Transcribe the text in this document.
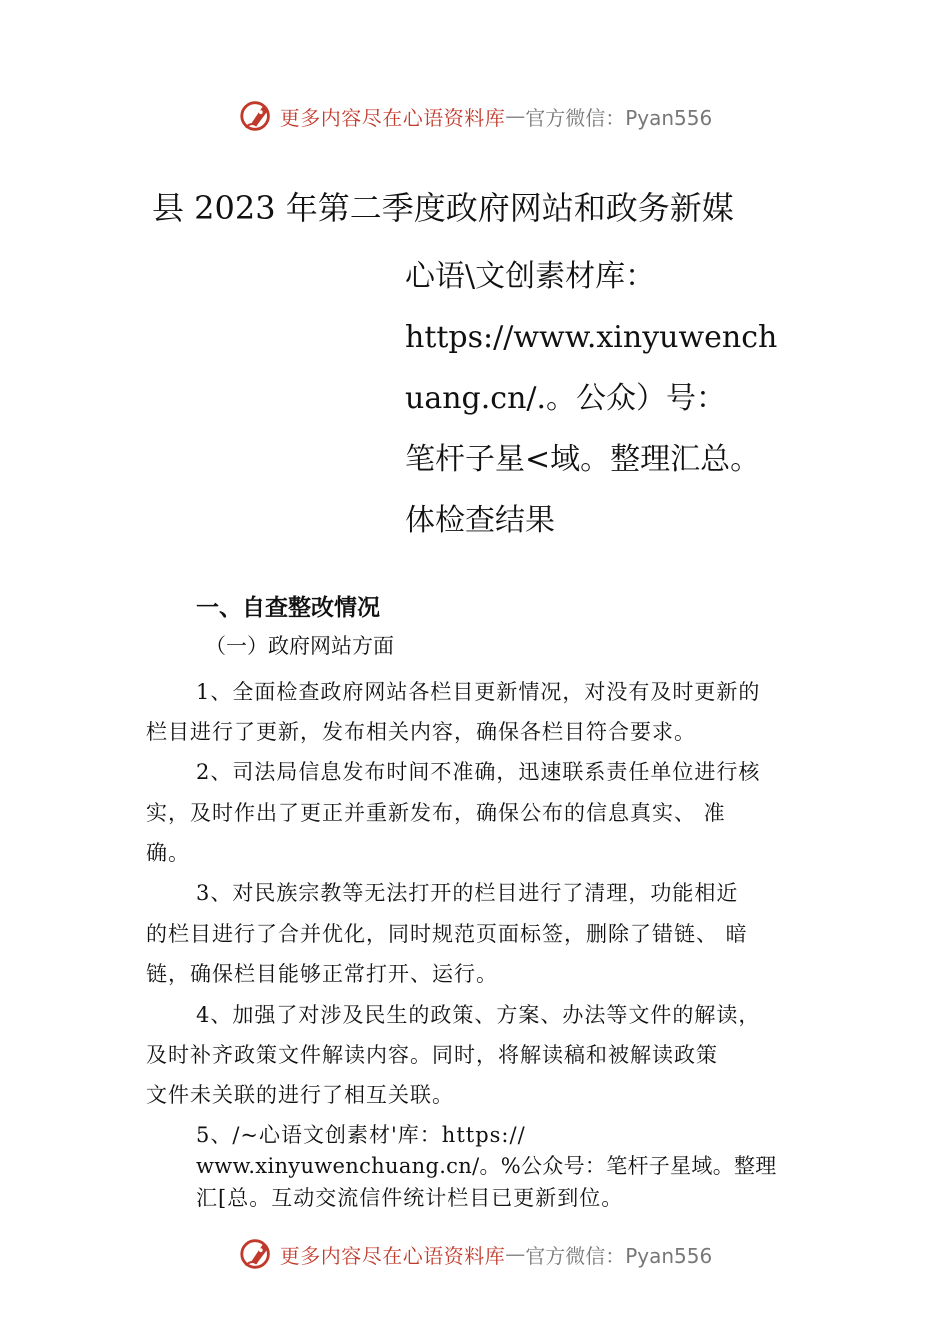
更多内容尽在心语资料库 — 官方微信：Pyan556
县 2023 年第二季度政府网站和政务新媒
心语\文创素材库：
https://www.xinyuwench
uang.cn/.。公众）号：
笔杆子星<域。整理汇总。
体检查结果
一、自查整改情况
（一）政府网站方面
1、全面检查政府网站各栏目更新情况，对没有及时更新的
栏目进行了更新，发布相关内容，确保各栏目符合要求。
2、司法局信息发布时间不准确，迅速联系责任单位进行核
实，及时作出了更正并重新发布，确保公布的信息真实、 准
确。
3、对民族宗教等无法打开的栏目进行了清理，功能相近
的栏目进行了合并优化，同时规范页面标签，删除了错链、 暗
链，确保栏目能够正常打开、运行。
4、加强了对涉及民生的政策、方案、办法等文件的解读，
及时补齐政策文件解读内容。同时，将解读稿和被解读政策
文件未关联的进行了相互关联。
5、/~心语文创素材'库：https://
www.xinyuwenchuang.cn/。%公众号：笔杆子星域。整理
汇[总。互动交流信件统计栏目已更新到位。
更多内容尽在心语资料库 — 官方微信：Pyan556
